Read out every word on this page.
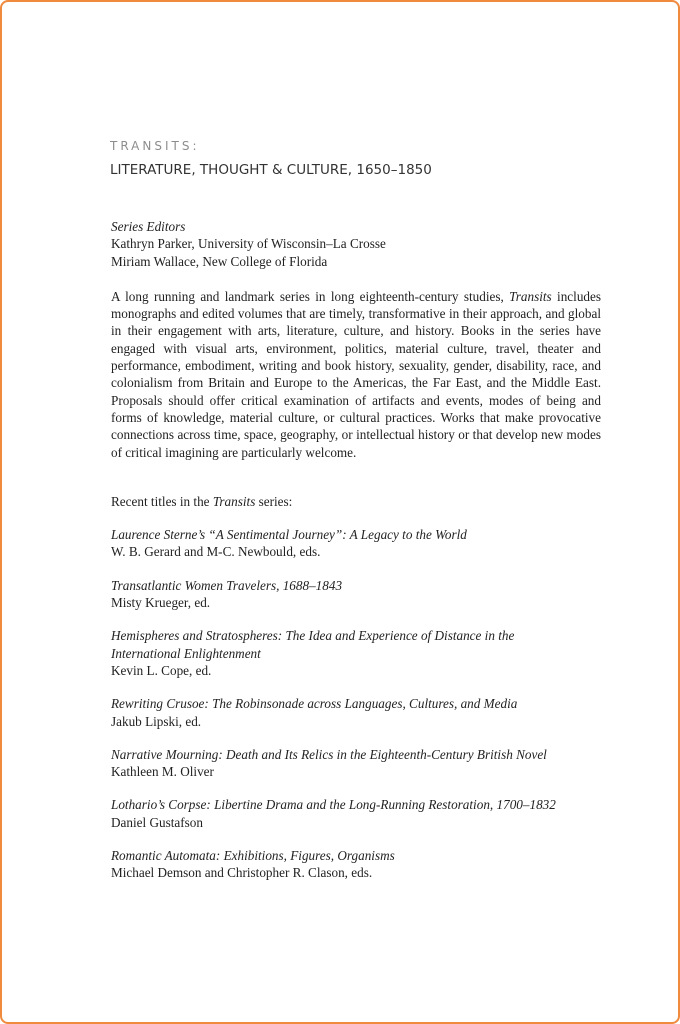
TRANSITS:
LITERATURE, THOUGHT & CULTURE, 1650–1850
Series Editors
Kathryn Parker, University of Wisconsin–La Crosse
Miriam Wallace, New College of Florida

A long running and landmark series in long eighteenth-century studies, Transits includes monographs and edited volumes that are timely, transformative in their approach, and global in their engagement with arts, literature, culture, and history. Books in the series have engaged with visual arts, environment, politics, material culture, travel, theater and performance, embodiment, writing and book history, sexuality, gender, disability, race, and colonialism from Britain and Europe to the Americas, the Far East, and the Middle East. Proposals should offer critical examination of artifacts and events, modes of being and forms of knowledge, material culture, or cultural practices. Works that make provocative connections across time, space, geography, or intellectual history or that develop new modes of critical imagining are particularly welcome.

Recent titles in the Transits series:

Laurence Sterne’s “A Sentimental Journey”: A Legacy to the World
W. B. Gerard and M-C. Newbould, eds.
Transatlantic Women Travelers, 1688–1843
Misty Krueger, ed.
Hemispheres and Stratospheres: The Idea and Experience of Distance in the
International Enlightenment
Kevin L. Cope, ed.
Rewriting Crusoe: The Robinsonade across Languages, Cultures, and Media
Jakub Lipski, ed.
Narrative Mourning: Death and Its Relics in the Eighteenth-Century British Novel
Kathleen M. Oliver
Lothario’s Corpse: Libertine Drama and the Long-Running Restoration, 1700–1832
Daniel Gustafson
Romantic Automata: Exhibitions, Figures, Organisms
Michael Demson and Christopher R. Clason, eds.
